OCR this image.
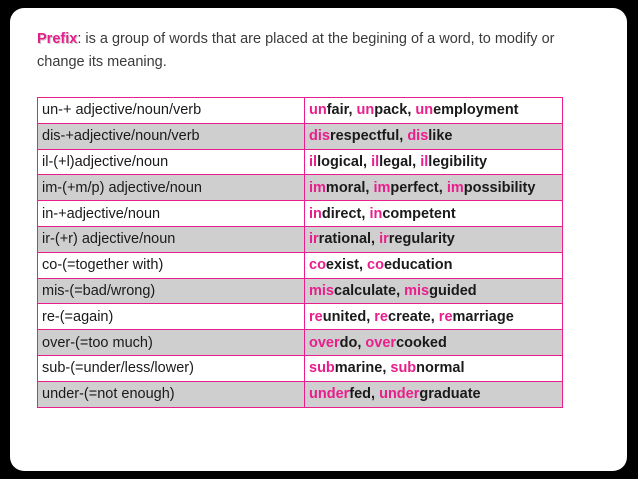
Prefix: is a group of words that are placed at the begining of a word, to modify or change its meaning.
un-+ adjective/noun/verb	unfair, unpack, unemployment
dis-+adjective/noun/verb	disrespectful, dislike
il-(+l)adjective/noun	illogical, illegal, illegibility
im-(+m/p) adjective/noun	immoral, imperfect, impossibility
in-+adjective/noun	indirect, incompetent
ir-(+r) adjective/noun	irrational, irregularity
co-(=together with)	coexist, coeducation
mis-(=bad/wrong)	miscalculate, misguided
re-(=again)	reunited, recreate, remarriage
over-(=too much)	overdo, overcooked
sub-(=under/less/lower)	submarine, subnormal
under-(=not enough)	underfed, undergraduate
